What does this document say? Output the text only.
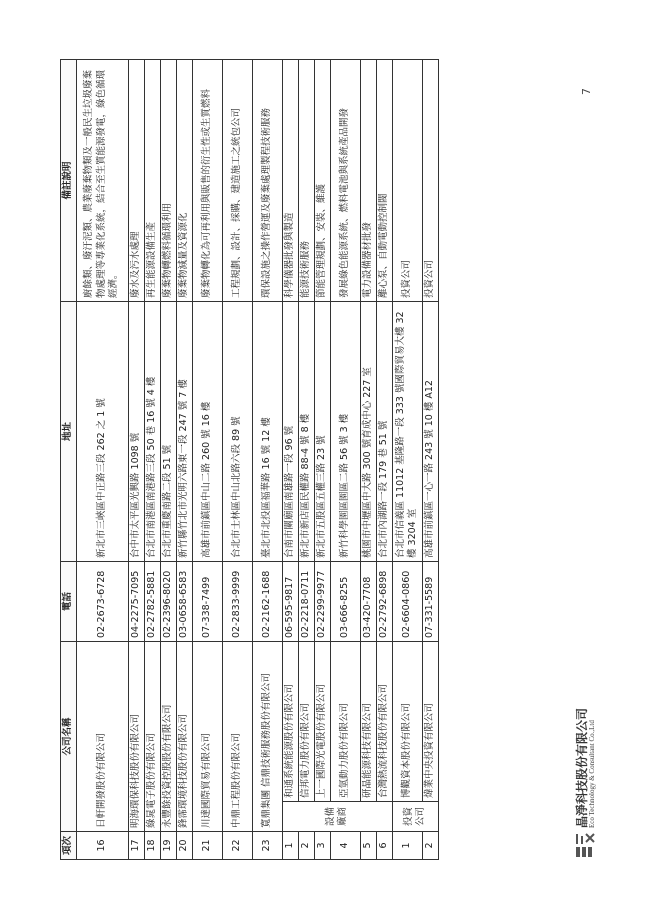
項次	公司名稱		電話	地址	備註說明
16	日軒開發股份有限公司		02-2673-6728	新北市三峽區中正路三段 262 之 1 號	廚餘類、廢汙泥類、農業廢棄物類及一般民生垃圾廢棄物處理等專業化系統，結合至生質能源發電，綠色循環經濟。
17	明海環保科技股份有限公司		04-2275-7095	台中市太平區光興路 1098 號	廢水及污水處理
18	綠晁電子股份有限公司		02-2782-5881	台北市南港區南港路三段 50 巷 16 號 4 樓	再生能源設備生產
19	永豐餘投資控股股份有限公司		02-2396-8020	台北市重慶南路二段 51 號	廢棄物轉燃料循環利用
20	鋒霈環境科技股份有限公司		03-0658-6583	新竹縣竹北市光明六路東一段 247 號 7 樓	廢棄物減量及資源化
21	川達國際貿易有限公司		07-338-7499	高雄市前鎮區中山二路 260 號 16 樓	廢棄物轉化為可再利用與販售的衍生性或生質燃料
22	中鼎工程股份有限公司		02-2833-9999	台北市士林區中山北路六段 89 號	工程規劃、設計、採購、建造施工之統包公司
23	寬鼎集團 信鼎技術服務股份有限公司		02-2162-1688	臺北市北投區福華路 16 號 12 樓	環保設施之操作營運及廢棄處理製程技術服務
1	設備廠商	和通系統能源股份有限公司	06-595-9817	台南市關廟區南雄路一段 96 號	科學儀器批發與製造
2		信邦電力股份有限公司	02-2218-0711	新北市新店區民權路 88-4 號 8 樓	能源技術服務
3		上一國際光電股份有限公司	02-2299-9977	新北市五股區五權三路 23 號	節能管理規劃、安裝、維護
4		亞氫動力股份有限公司	03-666-8255	新竹科學園區園區二路 56 號 3 樓	發展綠色能源系統、燃料電池與系統產品開發
5		研晶能源科技有限公司	03-420-7708	桃園市中壢區中大路 300 號育成中心 227 室	電力設備器材批發
6		台灣熱流科技股份有限公司	02-2792-6898	台北市內湖路一段 179 巷 51 號	離心泵、自動電動控制閥
1	投資公司	博觀資本股份有限公司	02-6604-0860	台北市信義區 11012 基隆路一段 333 號國際貿易大樓 32 樓 3204 室	投資公司
2		煒業中央投資有限公司	07-331-5589	高雄市前鎮區一心一路 243 號 10 樓 A12	投資公司
晶淨科技股份有限公司 Eco Technology & Consultant Co.,Ltd
7
